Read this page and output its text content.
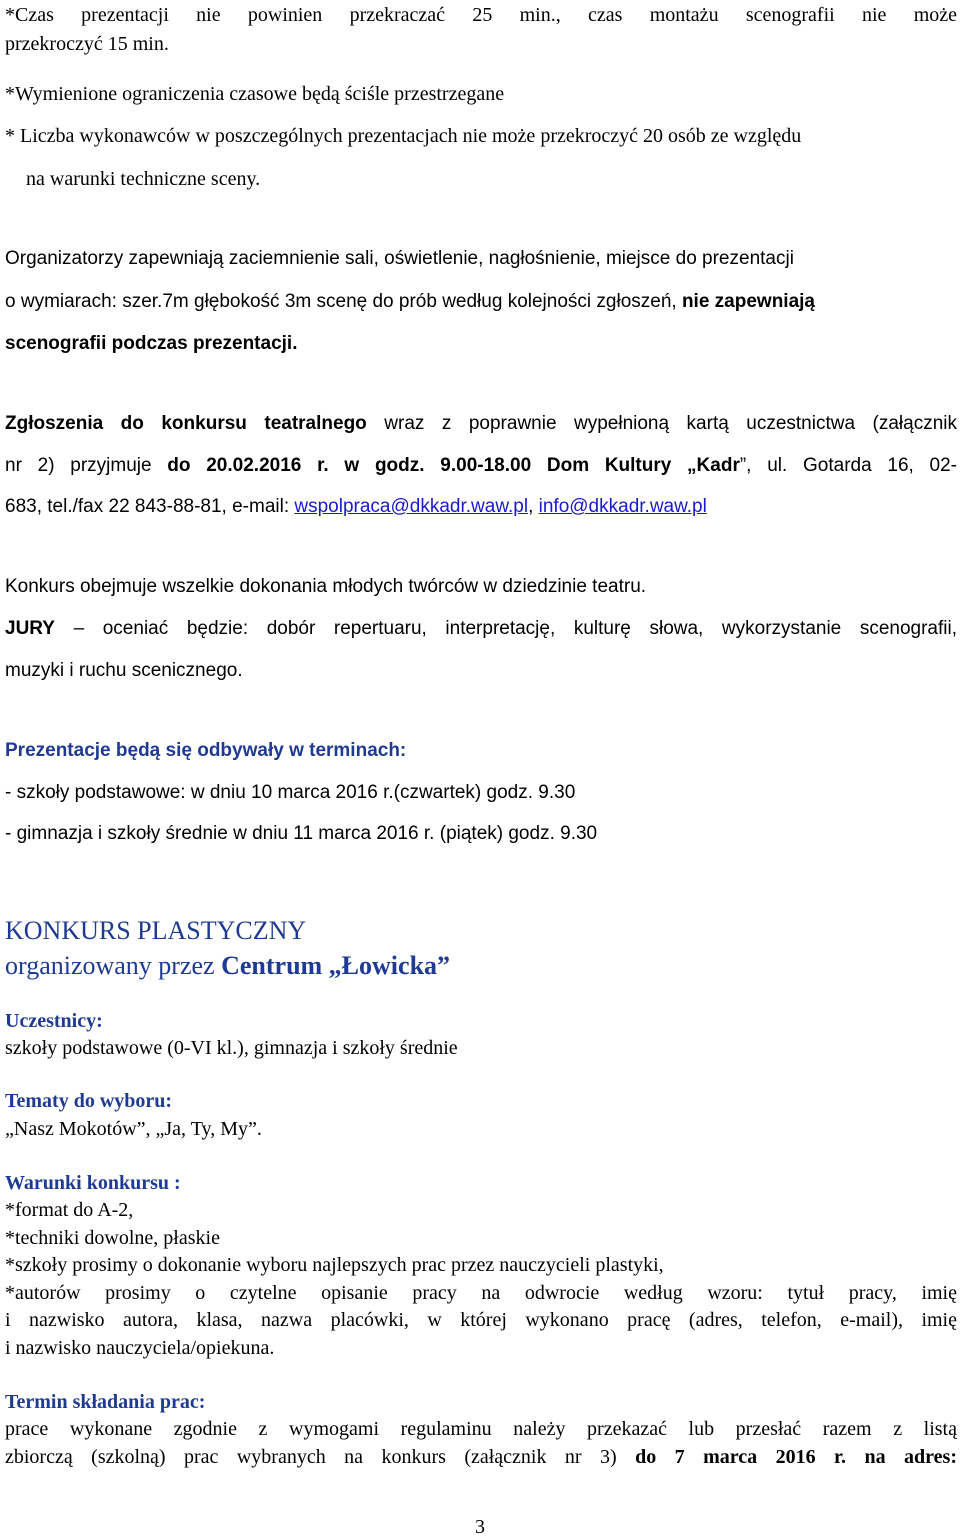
*Czas prezentacji nie powinien przekraczać 25 min., czas montażu scenografii nie może
przekroczyć 15 min.
*Wymienione ograniczenia czasowe będą ściśle przestrzegane
* Liczba wykonawców w poszczególnych prezentacjach nie może przekroczyć 20 osób ze względu
na warunki techniczne sceny.
Organizatorzy zapewniają zaciemnienie sali, oświetlenie, nagłośnienie, miejsce do prezentacji
o wymiarach: szer.7m głębokość 3m scenę do prób według kolejności zgłoszeń, nie zapewniają
scenografii podczas prezentacji.
Zgłoszenia do konkursu teatralnego wraz z poprawnie wypełnioną kartą uczestnictwa (załącznik
nr 2) przyjmuje do 20.02.2016 r. w godz. 9.00-18.00 Dom Kultury „Kadr”, ul. Gotarda 16, 02-
683, tel./fax 22 843-88-81, e-mail: wspolpraca@dkkadr.waw.pl, info@dkkadr.waw.pl
Konkurs obejmuje wszelkie dokonania młodych twórców w dziedzinie teatru.
JURY – oceniać będzie: dobór repertuaru, interpretację, kulturę słowa, wykorzystanie scenografii,
muzyki i ruchu scenicznego.
Prezentacje będą się odbywały w terminach:
- szkoły podstawowe: w dniu 10 marca 2016 r.(czwartek) godz. 9.30
- gimnazja i szkoły średnie w dniu 11 marca 2016 r. (piątek) godz. 9.30
KONKURS PLASTYCZNY
organizowany przez Centrum „Łowicka”
Uczestnicy:
szkoły podstawowe (0-VI kl.), gimnazja i szkoły średnie
Tematy do wyboru:
„Nasz Mokotów”, „Ja, Ty, My”.
Warunki konkursu :
*format do A-2,
*techniki dowolne, płaskie
*szkoły prosimy o dokonanie wyboru najlepszych prac przez nauczycieli plastyki,
*autorów prosimy o czytelne opisanie pracy na odwrocie według wzoru: tytuł pracy, imię
i nazwisko autora, klasa, nazwa placówki, w której wykonano pracę (adres, telefon, e-mail), imię
i nazwisko nauczyciela/opiekuna.
Termin składania prac:
prace wykonane zgodnie z wymogami regulaminu należy przekazać lub przesłać razem z listą
zbiorczą (szkolną) prac wybranych na konkurs (załącznik nr 3) do 7 marca 2016 r. na adres:
3
